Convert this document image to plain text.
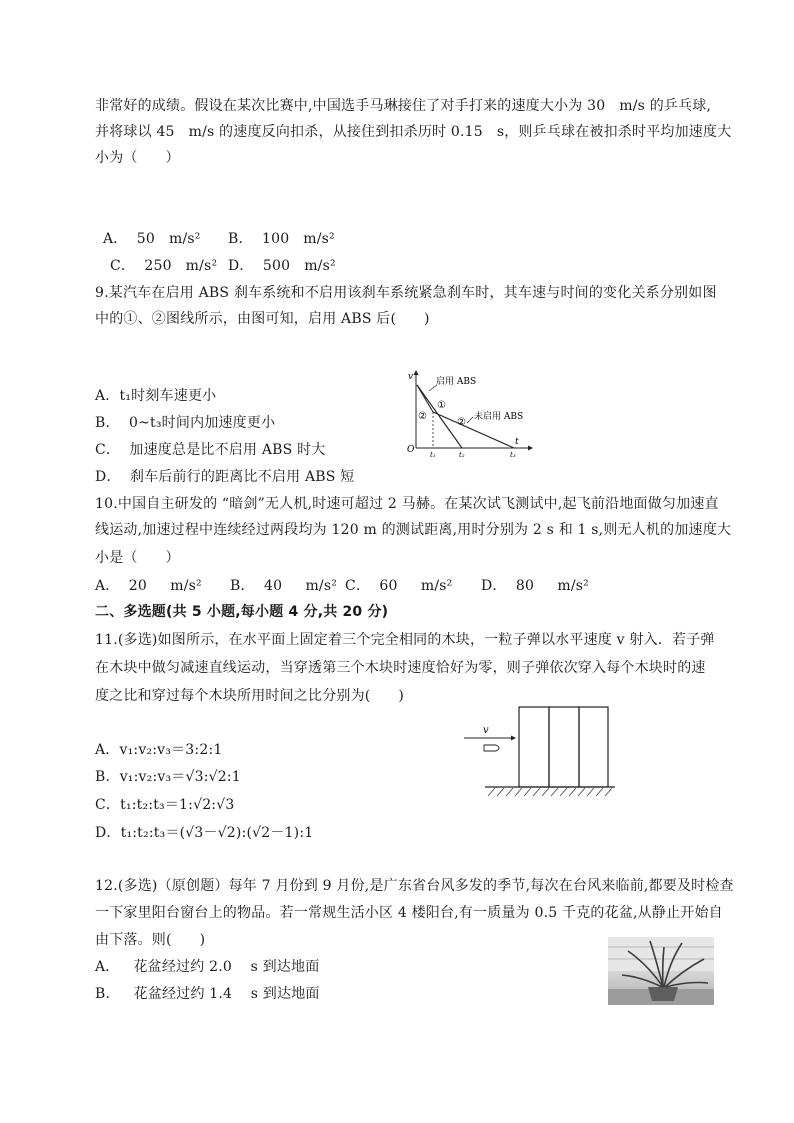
非常好的成绩。假设在某次比赛中,中国选手马琳接住了对手打来的速度大小为 30   m/s 的乒乓球,
并将球以 45   m/s 的速度反向扣杀，从接住到扣杀历时 0.15   s，则乒乓球在被扣杀时平均加速度大
小为（      ）
A．  50   m/s² B．  100   m/s²
C．  250   m/s² D．  500   m/s²
9.某汽车在启用 ABS 刹车系统和不启用该刹车系统紧急刹车时，其车速与时间的变化关系分别如图
中的①、②图线所示，由图可知，启用 ABS 后(      )
A．t₁时刻车速更小
B．  0~t₃时间内加速度更小
C．  加速度总是比不启用 ABS 时大
D．  刹车后前行的距离比不启用 ABS 短
v
t
O
启用 ABS
未启用 ABS
①
②
②
t₁	t₂	t₃
10.中国自主研发的 “暗剑”无人机,时速可超过 2 马赫。在某次试飞测试中,起飞前沿地面做匀加速直
线运动,加速过程中连续经过两段均为 120 m 的测试距离,用时分别为 2 s 和 1 s,则无人机的加速度大
小是（      ）
A．  20     m/s² B．  40     m/s² C．  60     m/s² D．  80     m/s²
二、多选题(共 5 小题,每小题 4 分,共 20 分)
11.(多选)如图所示，在水平面上固定着三个完全相同的木块，一粒子弹以水平速度 v 射入．若子弹
在木块中做匀减速直线运动，当穿透第三个木块时速度恰好为零，则子弹依次穿入每个木块时的速
度之比和穿过每个木块所用时间之比分别为(      )
A．v₁:v₂:v₃＝3:2:1
B．v₁:v₂:v₃＝√3:√2:1
C．t₁:t₂:t₃＝1:√2:√3
D．t₁:t₂:t₃＝(√3－√2):(√2－1):1
v
12.(多选)（原创题）每年 7 月份到 9 月份,是广东省台风多发的季节,每次在台风来临前,都要及时检查
一下家里阳台窗台上的物品。若一常规生活小区 4 楼阳台,有一质量为 0.5 千克的花盆,从静止开始自
由下落。则(      )
A．   花盆经过约 2.0    s 到达地面
B．   花盆经过约 1.4    s 到达地面
